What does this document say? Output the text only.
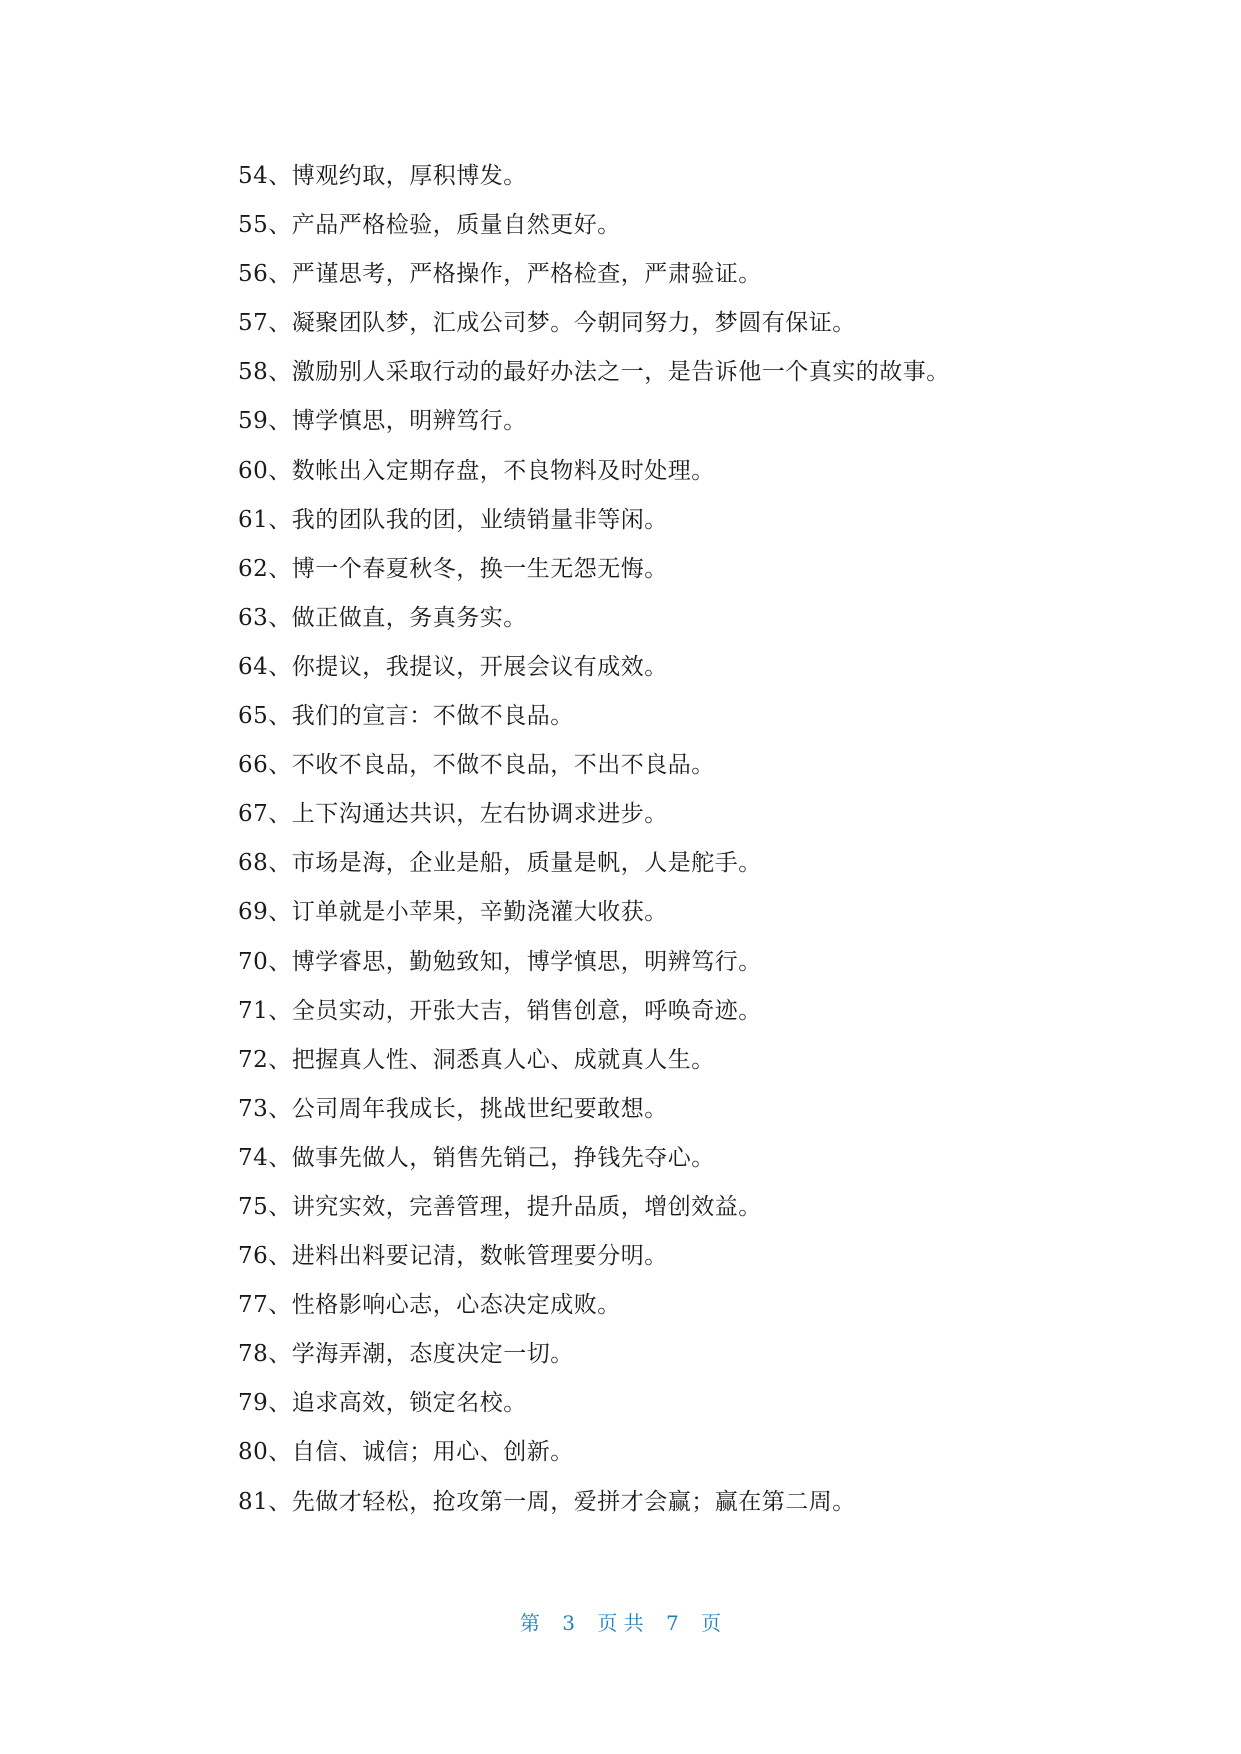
54、博观约取，厚积博发。
55、产品严格检验，质量自然更好。
56、严谨思考，严格操作，严格检查，严肃验证。
57、凝聚团队梦，汇成公司梦。今朝同努力，梦圆有保证。
58、激励别人采取行动的最好办法之一，是告诉他一个真实的故事。
59、博学慎思，明辨笃行。
60、数帐出入定期存盘，不良物料及时处理。
61、我的团队我的团，业绩销量非等闲。
62、博一个春夏秋冬，换一生无怨无悔。
63、做正做直，务真务实。
64、你提议，我提议，开展会议有成效。
65、我们的宣言：不做不良品。
66、不收不良品，不做不良品，不出不良品。
67、上下沟通达共识，左右协调求进步。
68、市场是海，企业是船，质量是帆，人是舵手。
69、订单就是小苹果，辛勤浇灌大收获。
70、博学睿思，勤勉致知，博学慎思，明辨笃行。
71、全员实动，开张大吉，销售创意，呼唤奇迹。
72、把握真人性、洞悉真人心、成就真人生。
73、公司周年我成长，挑战世纪要敢想。
74、做事先做人，销售先销己，挣钱先夺心。
75、讲究实效，完善管理，提升品质，增创效益。
76、进料出料要记清，数帐管理要分明。
77、性格影响心志，心态决定成败。
78、学海弄潮，态度决定一切。
79、追求高效，锁定名校。
80、自信、诚信；用心、创新。
81、先做才轻松，抢攻第一周，爱拼才会赢；赢在第二周。
第 3 页 共 7 页
